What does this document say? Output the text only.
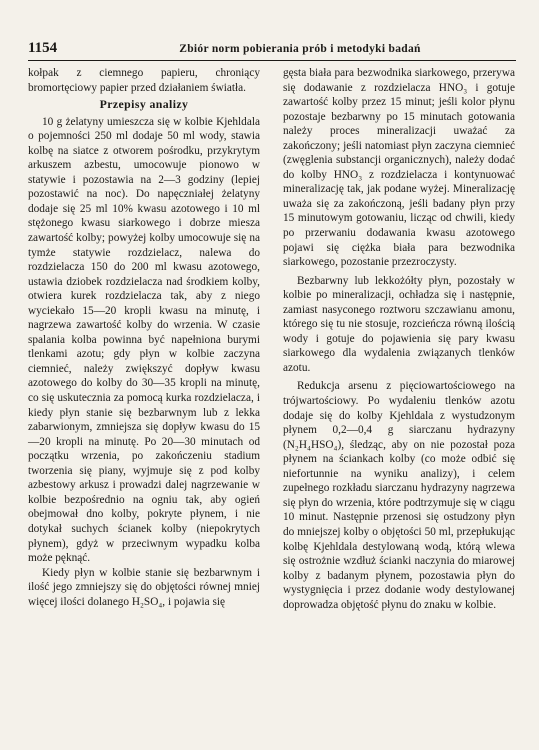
1154	Zbiór norm pobierania prób i metodyki badań

kołpak z ciemnego papieru, chroniący bromortęciowy papier przed działaniem światła.

Przepisy analizy

10 g żelatyny umieszcza się w kolbie Kjehldala o pojemności 250 ml dodaje 50 ml wody, stawia kolbę na siatce z otworem pośrodku, przykrytym arkuszem azbestu, umocowuje pionowo w statywie i pozostawia na 2—3 godziny (lepiej pozostawić na noc). Do napęczniałej żelatyny dodaje się 25 ml 10% kwasu azotowego i 10 ml stężonego kwasu siarkowego i dobrze miesza zawartość kolby; powyżej kolby umocowuje się na tymże statywie rozdzielacz, nalewa do rozdzielacza 150 do 200 ml kwasu azotowego, ustawia dziobek rozdzielacza nad środkiem kolby, otwiera kurek rozdzielacza tak, aby z niego wyciekało 15—20 kropli kwasu na minutę, i nagrzewa zawartość kolby do wrzenia. W czasie spalania kolba powinna być napełniona burymi tlenkami azotu; gdy płyn w kolbie zaczyna ciemnieć, należy zwiększyć dopływ kwasu azotowego do kolby do 30—35 kropli na minutę, co się uskutecznia za pomocą kurka rozdzielacza, i kiedy płyn stanie się bezbarwnym lub z lekka zabarwionym, zmniejsza się dopływ kwasu do 15—20 kropli na minutę. Po 20—30 minutach od początku wrzenia, po zakończeniu stadium tworzenia się piany, wyjmuje się z pod kolby azbestowy arkusz i prowadzi dalej nagrzewanie w kolbie bezpośrednio na ogniu tak, aby ogień obejmował dno kolby, pokryte płynem, i nie dotykał suchych ścianek kolby (niepokrytych płynem), gdyż w przeciwnym wypadku kolba może pęknąć.

Kiedy płyn w kolbie stanie się bezbarwnym i ilość jego zmniejszy się do objętości równej mniej więcej ilości dolanego H₂SO₄, i pojawia się

gęsta biała para bezwodnika siarkowego, przerywa się dodawanie z rozdzielacza HNO₃ i gotuje zawartość kolby przez 15 minut; jeśli kolor płynu pozostaje bezbarwny po 15 minutach gotowania należy proces mineralizacji uważać za zakończony; jeśli natomiast płyn zaczyna ciemnieć (zwęglenia substancji organicznych), należy dodać do kolby HNO₃ z rozdzielacza i kontynuować mineralizację tak, jak podane wyżej. Mineralizację uważa się za zakończoną, jeśli badany płyn przy 15 minutowym gotowaniu, licząc od chwili, kiedy po przerwaniu dodawania kwasu azotowego pojawi się ciężka biała para bezwodnika siarkowego, pozostanie przezroczysty.

Bezbarwny lub lekkożółty płyn, pozostały w kolbie po mineralizacji, ochładza się i następnie, zamiast nasyconego roztworu szczawianu amonu, którego się tu nie stosuje, rozcieńcza równą ilością wody i gotuje do pojawienia się pary kwasu siarkowego dla wydalenia związanych tlenków azotu.

Redukcja arsenu z pięciowartościowego na trójwartościowy. Po wydaleniu tlenków azotu dodaje się do kolby Kjehldala z wystudzonym płynem 0,2—0,4 g siarczanu hydrazyny (N₂H₄HSO₄), śledząc, aby on nie pozostał poza płynem na ściankach kolby (co może odbić się niefortunnie na wyniku analizy), i celem zupełnego rozkładu siarczanu hydrazyny nagrzewa się płyn do wrzenia, które podtrzymuje się w ciągu 10 minut. Następnie przenosi się ostudzony płyn do mniejszej kolby o objętości 50 ml, przepłukując kolbę Kjehldala destylowaną wodą, którą wlewa się ostrożnie wzdłuż ścianki naczynia do miarowej kolby z badanym płynem, pozostawia płyn do wystygnięcia i przez dodanie wody destylowanej doprowadza objętość płynu do znaku w kolbie.
